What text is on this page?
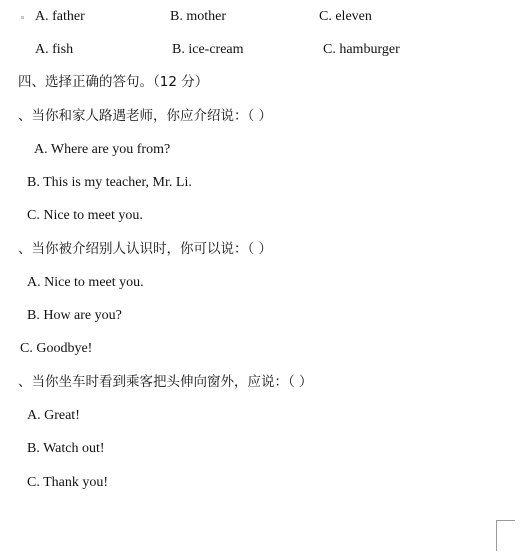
A. father	B. mother	C. eleven
A. fish	B. ice-cream	C. hamburger
四、选择正确的答句。（12 分）
、当你和家人路遇老师，你应介绍说：（ ）
A. Where are you from?
B. This is my teacher, Mr. Li.
C. Nice to meet you.
、当你被介绍别人认识时，你可以说：（ ）
A. Nice to meet you.
B. How are you?
C. Goodbye!
、当你坐车时看到乘客把头伸向窗外，应说：（ ）
A. Great!
B. Watch out!
C. Thank you!
